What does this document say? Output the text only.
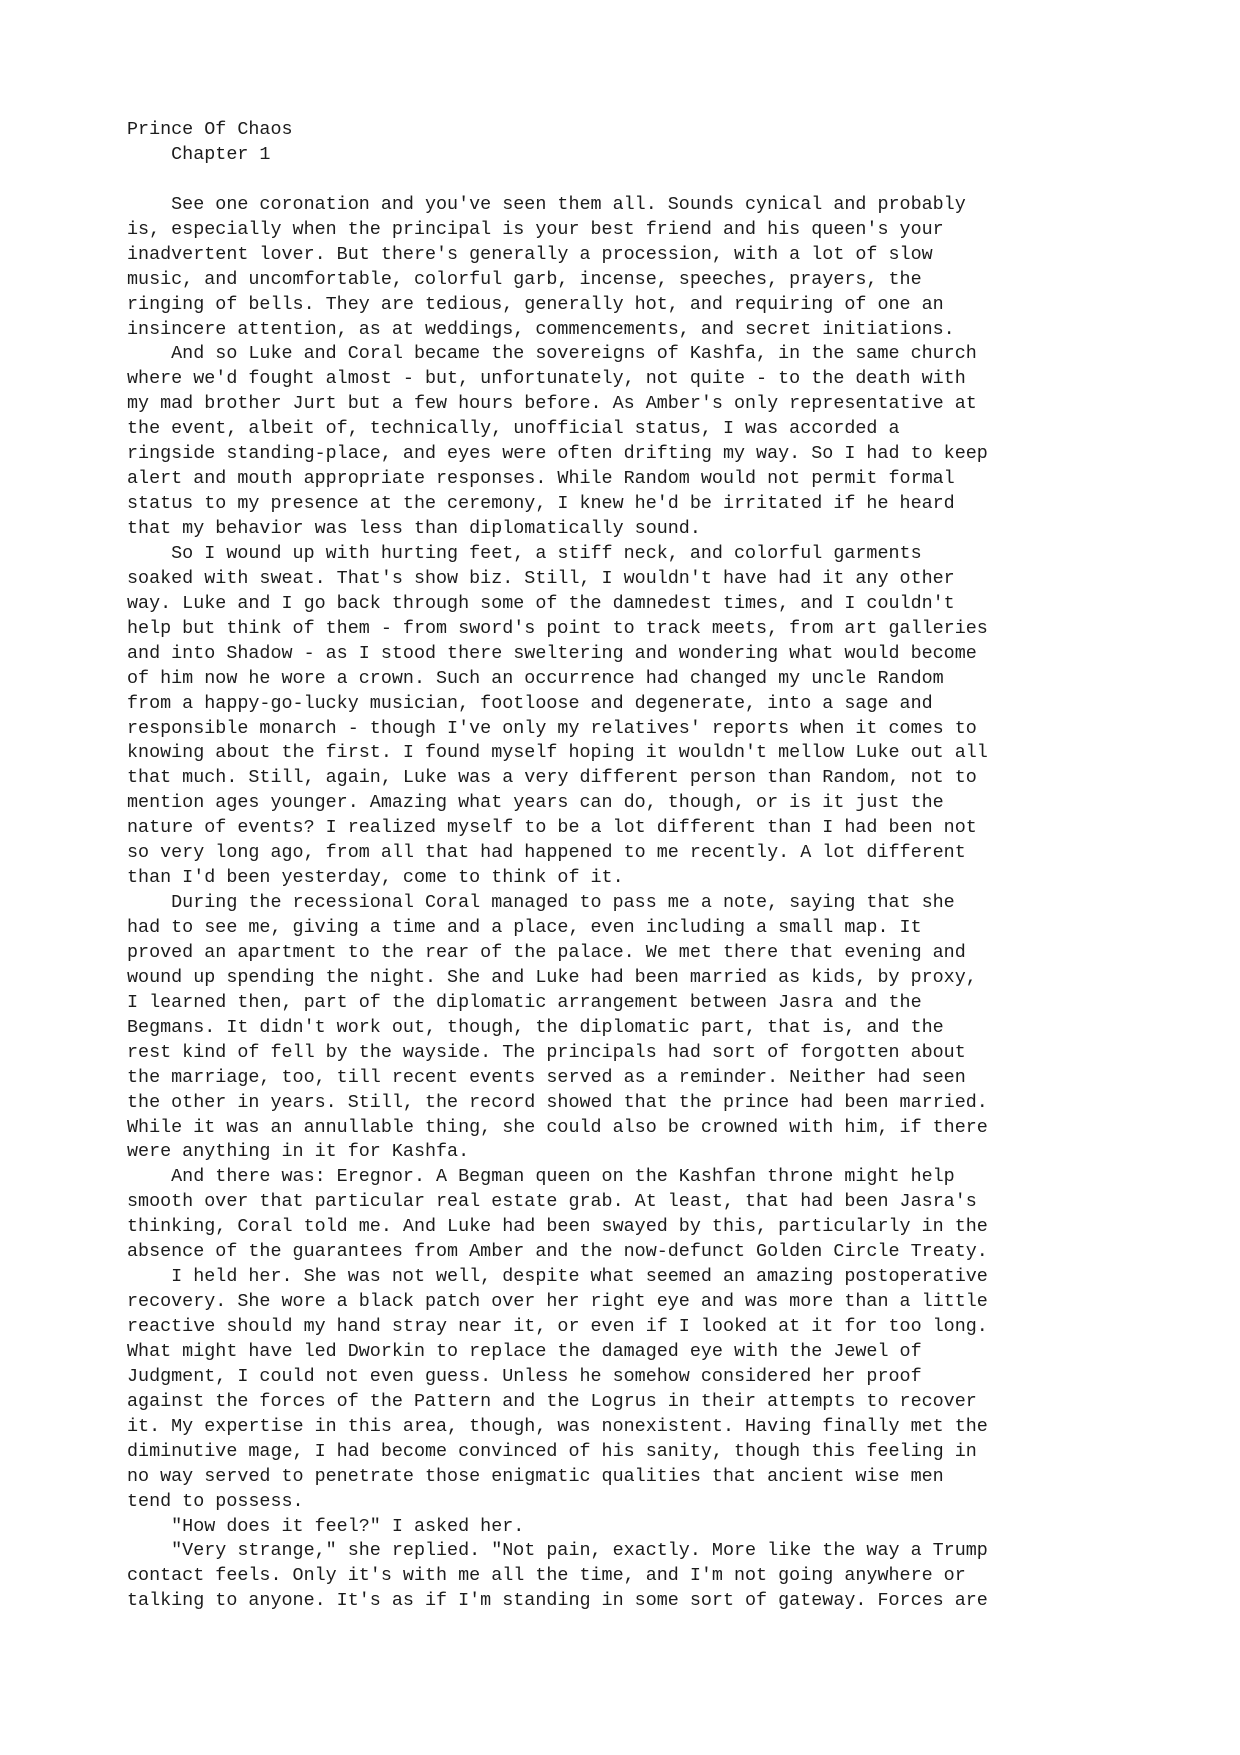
Prince Of Chaos
Chapter 1
See one coronation and you've seen them all. Sounds cynical and probably
is, especially when the principal is your best friend and his queen's your
inadvertent lover. But there's generally a procession, with a lot of slow
music, and uncomfortable, colorful garb, incense, speeches, prayers, the
ringing of bells. They are tedious, generally hot, and requiring of one an
insincere attention, as at weddings, commencements, and secret initiations.
And so Luke and Coral became the sovereigns of Kashfa, in the same church
where we'd fought almost - but, unfortunately, not quite - to the death with
my mad brother Jurt but a few hours before. As Amber's only representative at
the event, albeit of, technically, unofficial status, I was accorded a
ringside standing-place, and eyes were often drifting my way. So I had to keep
alert and mouth appropriate responses. While Random would not permit formal
status to my presence at the ceremony, I knew he'd be irritated if he heard
that my behavior was less than diplomatically sound.
So I wound up with hurting feet, a stiff neck, and colorful garments
soaked with sweat. That's show biz. Still, I wouldn't have had it any other
way. Luke and I go back through some of the damnedest times, and I couldn't
help but think of them - from sword's point to track meets, from art galleries
and into Shadow - as I stood there sweltering and wondering what would become
of him now he wore a crown. Such an occurrence had changed my uncle Random
from a happy-go-lucky musician, footloose and degenerate, into a sage and
responsible monarch - though I've only my relatives' reports when it comes to
knowing about the first. I found myself hoping it wouldn't mellow Luke out all
that much. Still, again, Luke was a very different person than Random, not to
mention ages younger. Amazing what years can do, though, or is it just the
nature of events? I realized myself to be a lot different than I had been not
so very long ago, from all that had happened to me recently. A lot different
than I'd been yesterday, come to think of it.
During the recessional Coral managed to pass me a note, saying that she
had to see me, giving a time and a place, even including a small map. It
proved an apartment to the rear of the palace. We met there that evening and
wound up spending the night. She and Luke had been married as kids, by proxy,
I learned then, part of the diplomatic arrangement between Jasra and the
Begmans. It didn't work out, though, the diplomatic part, that is, and the
rest kind of fell by the wayside. The principals had sort of forgotten about
the marriage, too, till recent events served as a reminder. Neither had seen
the other in years. Still, the record showed that the prince had been married.
While it was an annullable thing, she could also be crowned with him, if there
were anything in it for Kashfa.
And there was: Eregnor. A Begman queen on the Kashfan throne might help
smooth over that particular real estate grab. At least, that had been Jasra's
thinking, Coral told me. And Luke had been swayed by this, particularly in the
absence of the guarantees from Amber and the now-defunct Golden Circle Treaty.
I held her. She was not well, despite what seemed an amazing postoperative
recovery. She wore a black patch over her right eye and was more than a little
reactive should my hand stray near it, or even if I looked at it for too long.
What might have led Dworkin to replace the damaged eye with the Jewel of
Judgment, I could not even guess. Unless he somehow considered her proof
against the forces of the Pattern and the Logrus in their attempts to recover
it. My expertise in this area, though, was nonexistent. Having finally met the
diminutive mage, I had become convinced of his sanity, though this feeling in
no way served to penetrate those enigmatic qualities that ancient wise men
tend to possess.
"How does it feel?" I asked her.
"Very strange," she replied. "Not pain, exactly. More like the way a Trump
contact feels. Only it's with me all the time, and I'm not going anywhere or
talking to anyone. It's as if I'm standing in some sort of gateway. Forces are
